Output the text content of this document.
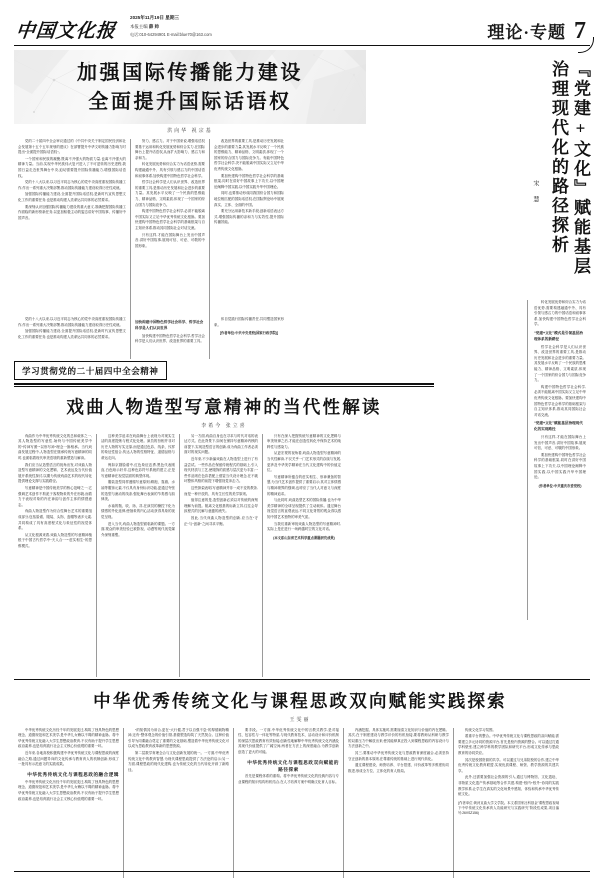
中国文化报
2025年11月19日 星期三
本报主编 薛 帅
电话:010-64294901 E-mail:blue70@163.com	理论·专题 7
『党建+文化』赋能基层
治理现代化的路径探析
宋 慧
加强国际传播能力建设
全面提升国际话语权
洪向华 祝宗基

党的二十届四中全会审议通过的《中共中央关于制定国民经济和社会发展第十五个五年规划的建议》在部署提升中华文明传播力影响力时提出"全面提升国际话语权"。

一个国家和民族的凝聚,既离不开强大的物质力量,也离不开强大的精神力量。当前,实现中华民族伟大复兴进入了不可逆转的历史进程,我国日益走近世界舞台中央,迫切需要提升国际传播能力,增强国际话语权。

党的十八大以来,以习近平同志为核心的党中央高度重视国际传播工作,作出一系列重大决策部署,推动国际传播能力建设取得历史性成就。

加强国际传播能力建设,全面提升国际话语权,是新时代宣传思想文化工作的重要任务,也是推动构建人类命运共同体的必然要求。

要深刻认识加强国际传播能力建设的重大意义,准确把握国际传播工作面临的新形势新任务,以更加积极主动的姿态讲好中国故事、传播好中国声音。

努力、感召力。对于中国来说,增强话语权要基于运用和转化发展优势和综合实力,在国际舞台上提升话语权,从而扩大影响力、感召力和亲和力。

转化发展优势和综合实力为话语优势,需要构建融通中外、具有引领与感召力的中国话语和叙事体系,加快构建中国特色哲学社会科学。

哲学社会科学是人们认识世界、改造世界的重要工具,是推动历史发展和社会进步的重要力量。其发展水平反映了一个民族的思维能力、精神品格、文明素质,体现了一个国家的综合国力与国际竞争力。

构建中国特色哲学社会科学,必须不能脱离中国实际又立足中华优秀传统文化根脉。要加快建构中国特色哲学社会科学的基础框架与自主知识体系,推动其同国际社会对话交流。

只有这样,才能在国际舞台上发出中国声音,讲好中国故事,展现可信、可爱、可敬的中国形象。

改造世界的重要工具,是推动历史发展和社会进步的重要力量,其发展水平反映了一个民族的思维能力、精神品格、文明素质,体现了一个国家的综合国力与国际竞争力。有能中国特色哲学社会科学,决不能脱离中国实际又立足中华优秀传统文化根脉。

要加快建构中国特色哲学社会科学的基础框架,同时在讲好中国故事上下功夫,以中国理论阐释中国实践,以中国实践升华中国理论。

同时,也要推动形成同我国综合国力和国际地位相匹配的国际话语权,在国际舆论场中展现真实、立体、全面的中国。

要充分运用新技术新手段,创新话语表达方式,增强国际传播的亲和力与实效性,提升国际传播效能。

党的十八大以来,以习近平同志为核心的党中央高度重视国际传播工作,作出一系列重大决策部署,推动国际传播能力建设取得历史性成就。

加强国际传播能力建设,全面提升国际话语权,是新时代宣传思想文化工作的重要任务,也是推动构建人类命运共同体的必然要求。

加快构建中国特色哲学社会科学、哲学社会科学是人们认识世界

加快构建中国特色哲学社会科学,哲学社会科学是人们认识世界、改造世界的重要工具。

体自觉践行国际传播责任,共同塑造国家形象。

[作者单位:中共中央党校(国家行政学院)]

学习贯彻党的二十届四中全会精神
戏曲人物造型写意精神的当代性解读
李希今 张立喜

戏曲作为中华优秀传统文化的总和载体之一,其人物造型的写意性,始终与中国传统美学中的"传神写照""以形写神"理念一脉相承。当代戏曲发展过程中,人物造型在继承传统写意精神的同时,也面临着现代审美语境的重新塑造与解读。

我们应当从造型语言的视角出发,对戏曲人物造型写意精神的文化逻辑、艺术表达及当代价值展开系统性探讨,以期为传统戏曲艺术的现代转化提供理论支撑与实践路径。

写意精神是中国传统美学的核心范畴之一,它强调艺术创作不拘泥于客观物象的外在形貌,而着力于表现对象的内在神韵与创作主体的情感意志。

戏曲人物造型作为综合性舞台艺术的重要组成部分,包括脸谱、服装、头饰、盔帽等诸多元素,共同构成了具有高度程式化与象征性的视觉体系。

从文化根源来看,戏曲人物造型的写意精神植根于中国古代哲学中"天人合一""虚实相生"的思维模式。

这种美学追求在戏曲舞台上表现为对现实生活的高度提炼与程式化处理。演员的扮相并非对历史人物的写实还原,而是通过色彩、线条、纹样的象征性组合,传达人物的性格特征、道德品格与命运走向。

例如京剧脸谱中,红色象征忠勇,黑色代表刚直,白色暗示奸诈,这种色彩符号系统的建立,正是写意精神在视觉层面的典型体现。

服装造型同样遵循写意原则,蟒袍、靠旗、水袖等服饰元素,不仅具有身份标识功能,更通过夸张的造型与流动的线条,强化舞台表演的节奏感与韵律美。

水袖的抛、收、扬、抖,在演员的操控下化为情感的外化延伸,使抽象的内心活动获得具象的视觉呈现。

进入当代,戏曲人物造型面临新的课题。一方面,观众的审美经验已被影视、动漫等现代视觉媒介深刻重塑。

另一方面,戏曲自身也在寻求与时代对话的表达方式。在此背景下,如何在保持写意精神内核的前提下,实现造型语言的创新,成为戏曲工作者必须面对的现实问题。

近年来,不少新编戏曲在人物造型上进行了有益尝试。一些作品在保留传统程式的基础上,引入现代材质与工艺,使服饰的质感与层次更为丰富;一些作品则在色彩搭配上借鉴当代设计理念,在不破坏整体风格的前提下增强视觉冲击力。

这些探索表明,写意精神并非一成不变的教条,而是一种开放的、具有生长性的美学原则。

值得注意的是,造型创新必须以对传统的深刻理解为前提。脱离文化根基的标新立异,往往会导致程式的瓦解与意蕴的流失。

因此,当代戏曲人物造型的创新,应当在"守正"与"创新"之间寻求平衡。

只有在深入把握传统写意精神的文化逻辑与审美规律之后,才能在创造性转化中保持艺术的纯粹性与感染力。

从更宏观的视角看,戏曲人物造型写意精神的当代性解读,不仅关乎一门艺术形式的存续与发展,更涉及中华美学精神在当代文化建构中的价值定位。

写意精神所蕴含的虚实相生、形神兼备的智慧,为当代艺术创作提供了重要启示;其对主体情感与精神境界的强调,也呼应了当代人对意义与深度的精神追求。

与此同时,戏曲造型艺术的国际传播,也为中华美学精神的全球呈现提供了生动载体。通过舞台视觉语言的直观表达,不同文化背景的观众得以感知中国艺术独特的审美气质。

当我们重新审视戏曲人物造型的写意精神时,实际上是在进行一场跨越时空的文化对话。

(本文系山东省艺术科学重点课题研究成果)

转化发展优势和综合实力为话语优势,需要构建融通中外、具有引领与感召力的中国话语和叙事体系,加快构建中国特色哲学社会科学。

“党建+文化”模式是引领基层治理体系的新路径

哲学社会科学是人们认识世界、改造世界的重要工具,是推动历史发展和社会进步的重要力量。其发展水平反映了一个民族的思维能力、精神品格、文明素质,体现了一个国家的综合国力与国际竞争力。

构建中国特色哲学社会科学,必须不能脱离中国实际又立足中华优秀传统文化根脉。要加快建构中国特色哲学社会科学的基础框架与自主知识体系,推动其同国际社会对话交流。

“党建+文化”赋能基层治理现代化的实现路径

只有这样,才能在国际舞台上发出中国声音,讲好中国故事,展现可信、可爱、可敬的中国形象。

要加快建构中国特色哲学社会科学的基础框架,同时在讲好中国故事上下功夫,以中国理论阐释中国实践,以中国实践升华中国理论。

(作者单位:中共重庆市委党校)

中华优秀传统文化与课程思政双向赋能实践探索
王雯丽

中华优秀传统文化历经千年的发展变迁,构筑了独具特色的思想理念、道德规范和艺术美学,是中华儿女赖以不竭的精神血脉。将中华优秀传统文化融入大学生思想政治教育,不仅有助于提升学生思想政治素养,也是培育践行社会主义核心价值观的重要一环。

近年来,各地高校积极构建中华优秀传统文化与课程思政的深度融合之路,通过问题导向的文化传承与教育育人的机制创新,形成了一批具有示范意义的实践成果。

中华优秀传统文化与课程思政的融合逻辑

中华优秀传统文化历经千年的发展变迁,构筑了独具特色的思想理念、道德规范和艺术美学,是中华儿女赖以不竭的精神血脉。将中华优秀传统文化融入大学生思想政治教育,不仅有助于提升学生思想政治素养,也是培育践行社会主义核心价值观的重要一环。

"的知情其为用合,更在"大行健,君子以自强不息"的厚德载物精神,还有"整体观念的价值引领,基德塑造构筑了天然契合。这种价值引导为同课融合奠定了重要的文化基础,塑造着中华优秀传统文化可以成为思政教育改革新的思想资源。

第二层数学育理念合与文化创新发展的统一。一方面,中华优秀传统文化中的教育智慧,为现代课程思政提供了方法论的启示;另一方面,课程思政的现代化建构,也为传统文化的当代转化开辟了新路径。

要手段。一方面,中华优秀传统文化中的言教式教学,是对接性、包容性与一体化等特质,与现代教育技术、活动设计和评价机制的深层次思政教育有效衔接,创新性地解释中华优秀传统文化内涵及其现代价值提供了广阔空间,两者在方法上的深度融合,为教学创新创造了更大的可能。

中华优秀传统文化与课程思政双向赋能的路径探索

首先是课程体系的重构。将中华优秀传统文化的经典内容与专业课程的知识结构有机结合,在人才培养方案中明确文化育人目标。

内涵挖掘、具体实施时,需要厘清文化知识与价值的内在逻辑。其次,在于制度建设与教学评价的有机衔接,要将教师从科研与教学的双重压力中解放出来,使其能够真正投入到课程思政的内容设计与方法创新之中。

其三,要推动中华优秀传统文化与思政教育深度融合,必须坚持守正创新的基本原则,在尊重传统的基础上进行现代转化。

通过课程建设、师资培养、平台搭建、评价改革等多维度协同推进,形成全方位、立体化的育人格局。

传统文化学习氛围。

着重平台的整合。中华优秀传统文化与课程思政的双向赋能,需要建立多元协同的资源平台,首先是校内资源的整合。可以通过打通学科壁垒,建立跨学科的教学团队和研究平台,形成文化传承与思政教育的协同效应。

其次是校园资源的共享。可以通过与兄弟院校的合作,建立中华优秀传统文化教育联盟,实现优质课程、师资、教学资源的共建共享。

此外,还需要加强社会资源的引入,通过与博物馆、文化遗址、非物质文化遗产传承基地等合作共建,构建"校内+校外"协同的实践教学体系,让学生在真实的文化场景中感知、体验和传承中华优秀传统文化。

(作者单位:黄河克曲大学文学院。本文系国家社科基金"课程思政视域下中华传统文化传承育人功能研究与实践研究"阶段性成果,项目编号:26VSZ156)
